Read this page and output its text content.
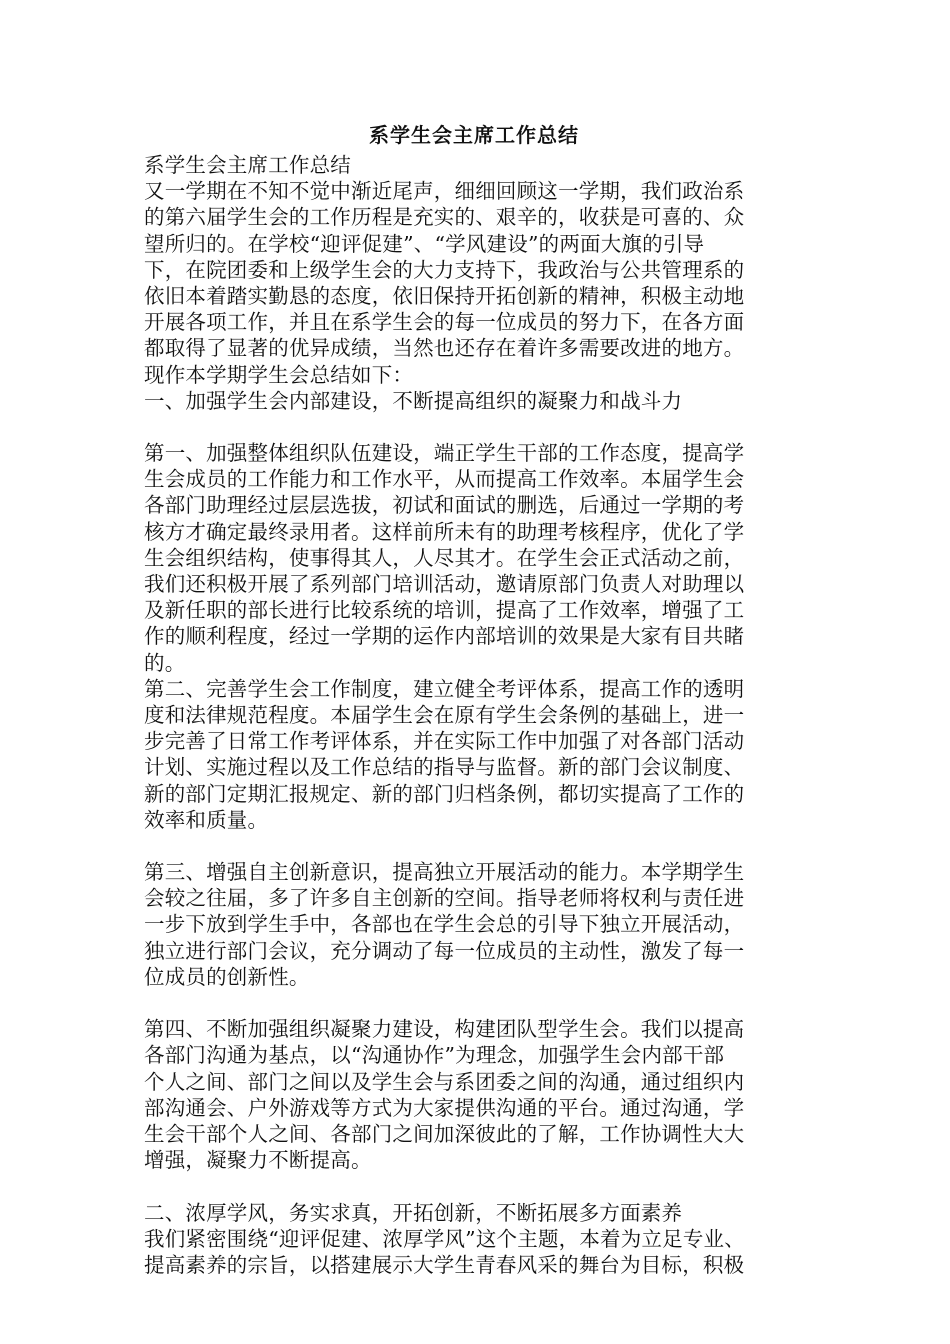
系学生会主席工作总结
系学生会主席工作总结
又一学期在不知不觉中渐近尾声，细细回顾这一学期，我们政治系
的第六届学生会的工作历程是充实的、艰辛的，收获是可喜的、众
望所归的。在学校“迎评促建”、“学风建设”的两面大旗的引导
下，在院团委和上级学生会的大力支持下，我政治与公共管理系的
依旧本着踏实勤恳的态度，依旧保持开拓创新的精神，积极主动地
开展各项工作，并且在系学生会的每一位成员的努力下，在各方面
都取得了显著的优异成绩，当然也还存在着许多需要改进的地方。
现作本学期学生会总结如下：
一、加强学生会内部建设，不断提高组织的凝聚力和战斗力
第一、加强整体组织队伍建设，端正学生干部的工作态度，提高学
生会成员的工作能力和工作水平，从而提高工作效率。本届学生会
各部门助理经过层层选拔，初试和面试的删选，后通过一学期的考
核方才确定最终录用者。这样前所未有的助理考核程序，优化了学
生会组织结构，使事得其人，人尽其才。在学生会正式活动之前，
我们还积极开展了系列部门培训活动，邀请原部门负责人对助理以
及新任职的部长进行比较系统的培训，提高了工作效率，增强了工
作的顺利程度，经过一学期的运作内部培训的效果是大家有目共睹
的。
第二、完善学生会工作制度，建立健全考评体系，提高工作的透明
度和法律规范程度。本届学生会在原有学生会条例的基础上，进一
步完善了日常工作考评体系，并在实际工作中加强了对各部门活动
计划、实施过程以及工作总结的指导与监督。新的部门会议制度、
新的部门定期汇报规定、新的部门归档条例，都切实提高了工作的
效率和质量。
第三、增强自主创新意识，提高独立开展活动的能力。本学期学生
会较之往届，多了许多自主创新的空间。指导老师将权利与责任进
一步下放到学生手中，各部也在学生会总的引导下独立开展活动，
独立进行部门会议，充分调动了每一位成员的主动性，激发了每一
位成员的创新性。
第四、不断加强组织凝聚力建设，构建团队型学生会。我们以提高
各部门沟通为基点，以“沟通协作”为理念，加强学生会内部干部
个人之间、部门之间以及学生会与系团委之间的沟通，通过组织内
部沟通会、户外游戏等方式为大家提供沟通的平台。通过沟通，学
生会干部个人之间、各部门之间加深彼此的了解，工作协调性大大
增强，凝聚力不断提高。
二、浓厚学风，务实求真，开拓创新，不断拓展多方面素养
我们紧密围绕“迎评促建、浓厚学风”这个主题，本着为立足专业、
提高素养的宗旨，以搭建展示大学生青春风采的舞台为目标，积极
